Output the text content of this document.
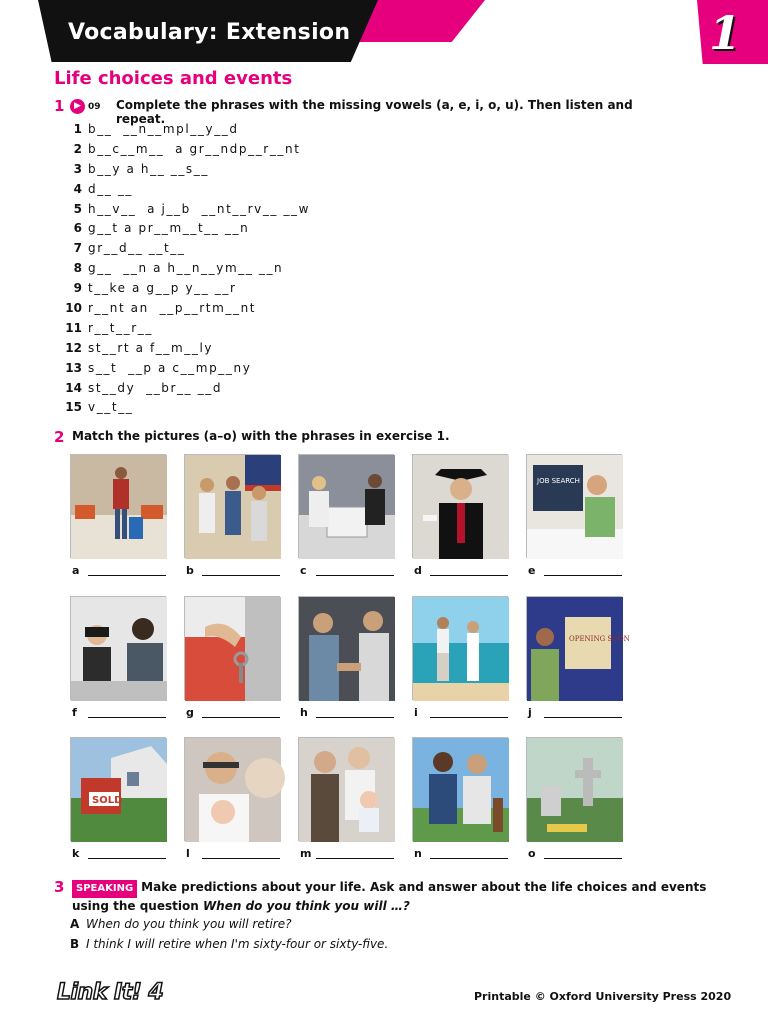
Vocabulary: Extension	1
Life choices and events
1	▶ 09 Complete the phrases with the missing vowels (a, e, i, o, u). Then listen and repeat.
1 b__  __n__mpl__y__d
2 b__c__m__  a gr__ndp__r__nt
3 b__y a h__ __s__
4 d__ __
5 h__v__  a j__b  __nt__rv__ __w
6 g__t a pr__m__t__ __n
7 gr__d__ __t__
8 g__  __n a h__n__ym__ __n
9 t__ke a g__p y__ __r
10 r__nt an  __p__rtm__nt
11 r__t__r__
12 st__rt a f__m__ly
13 s__t  __p a c__mp__ny
14 st__dy  __br__ __d
15 v__t__
2 Match the pictures (a–o) with the phrases in exercise 1.
a	b	c	d
JOB SEARCH
e
f	g	h	i
OPENING SOON
j
SOLD
k	l	m	n	o
3	SPEAKING Make predictions about your life. Ask and answer about the life choices and events
using the question When do you think you will …?
A When do you think you will retire?
B I think I will retire when I'm sixty-four or sixty-five.
Link It! 4	Printable © Oxford University Press 2020
